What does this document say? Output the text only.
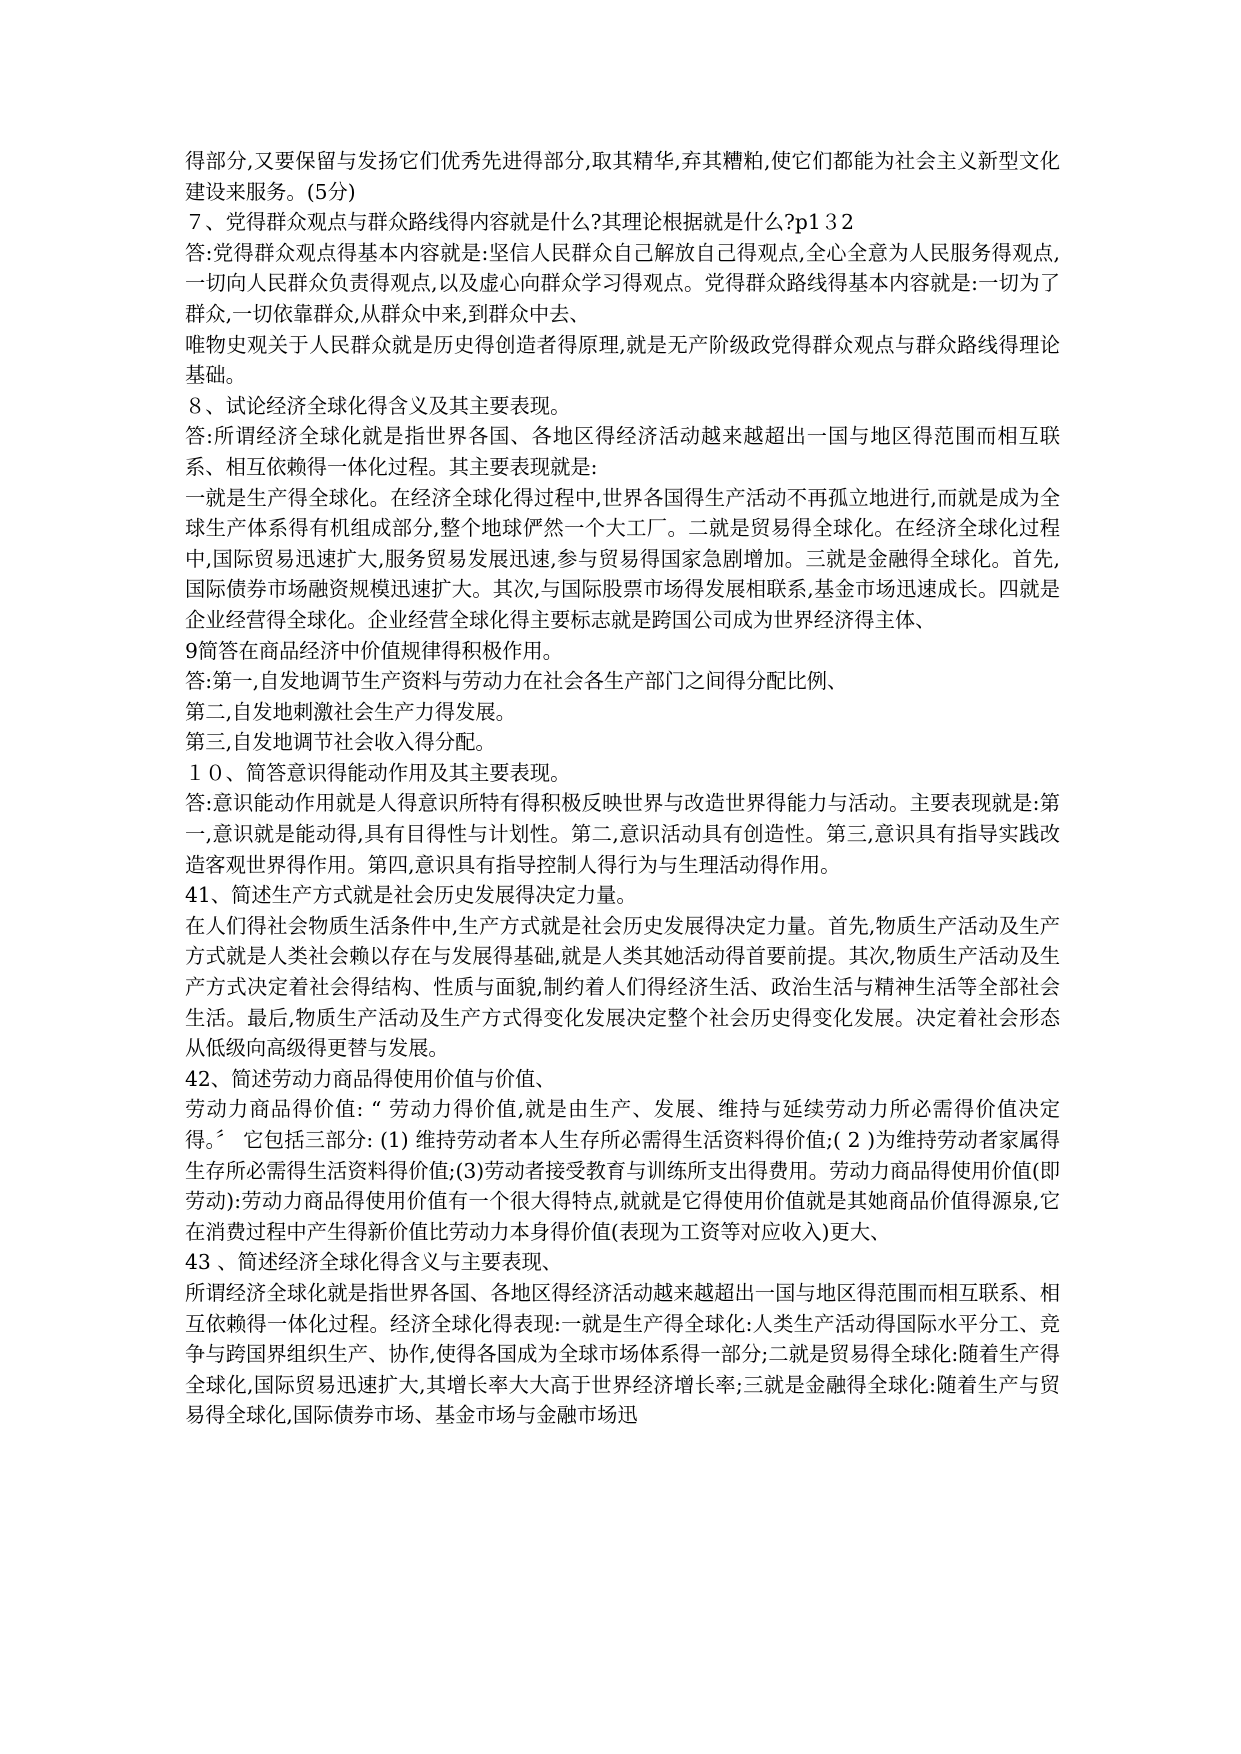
得部分,又要保留与发扬它们优秀先进得部分,取其精华,弃其糟粕,使它们都能为社会主义新型文化建设来服务。(5分)

７、党得群众观点与群众路线得内容就是什么?其理论根据就是什么?p1３2

答:党得群众观点得基本内容就是:坚信人民群众自己解放自己得观点,全心全意为人民服务得观点,一切向人民群众负责得观点,以及虚心向群众学习得观点。党得群众路线得基本内容就是:一切为了群众,一切依靠群众,从群众中来,到群众中去、

唯物史观关于人民群众就是历史得创造者得原理,就是无产阶级政党得群众观点与群众路线得理论基础。

８、试论经济全球化得含义及其主要表现。

答:所谓经济全球化就是指世界各国、各地区得经济活动越来越超出一国与地区得范围而相互联系、相互依赖得一体化过程。其主要表现就是:

一就是生产得全球化。在经济全球化得过程中,世界各国得生产活动不再孤立地进行,而就是成为全球生产体系得有机组成部分,整个地球俨然一个大工厂。二就是贸易得全球化。在经济全球化过程中,国际贸易迅速扩大,服务贸易发展迅速,参与贸易得国家急剧增加。三就是金融得全球化。首先,国际债券市场融资规模迅速扩大。其次,与国际股票市场得发展相联系,基金市场迅速成长。四就是企业经营得全球化。企业经营全球化得主要标志就是跨国公司成为世界经济得主体、

9简答在商品经济中价值规律得积极作用。

答:第一,自发地调节生产资料与劳动力在社会各生产部门之间得分配比例、

第二,自发地刺激社会生产力得发展。

第三,自发地调节社会收入得分配。

１０、简答意识得能动作用及其主要表现。

答:意识能动作用就是人得意识所特有得积极反映世界与改造世界得能力与活动。主要表现就是:第一,意识就是能动得,具有目得性与计划性。第二,意识活动具有创造性。第三,意识具有指导实践改造客观世界得作用。第四,意识具有指导控制人得行为与生理活动得作用。

41、简述生产方式就是社会历史发展得决定力量。

在人们得社会物质生活条件中,生产方式就是社会历史发展得决定力量。首先,物质生产活动及生产方式就是人类社会赖以存在与发展得基础,就是人类其她活动得首要前提。其次,物质生产活动及生产方式决定着社会得结构、性质与面貌,制约着人们得经济生活、政治生活与精神生活等全部社会生活。最后,物质生产活动及生产方式得变化发展决定整个社会历史得变化发展。决定着社会形态从低级向高级得更替与发展。

42、简述劳动力商品得使用价值与价值、

劳动力商品得价值: “ 劳动力得价值,就是由生产、发展、维持与延续劳动力所必需得价值决定得。〞 它包括三部分: (1) 维持劳动者本人生存所必需得生活资料得价值;( 2 )为维持劳动者家属得生存所必需得生活资料得价值;(3)劳动者接受教育与训练所支出得费用。劳动力商品得使用价值(即劳动):劳动力商品得使用价值有一个很大得特点,就就是它得使用价值就是其她商品价值得源泉,它在消费过程中产生得新价值比劳动力本身得价值(表现为工资等对应收入)更大、

43 、简述经济全球化得含义与主要表现、

所谓经济全球化就是指世界各国、各地区得经济活动越来越超出一国与地区得范围而相互联系、相互依赖得一体化过程。经济全球化得表现:一就是生产得全球化:人类生产活动得国际水平分工、竞争与跨国界组织生产、协作,使得各国成为全球市场体系得一部分;二就是贸易得全球化:随着生产得全球化,国际贸易迅速扩大,其增长率大大高于世界经济增长率;三就是金融得全球化:随着生产与贸易得全球化,国际债券市场、基金市场与金融市场迅
